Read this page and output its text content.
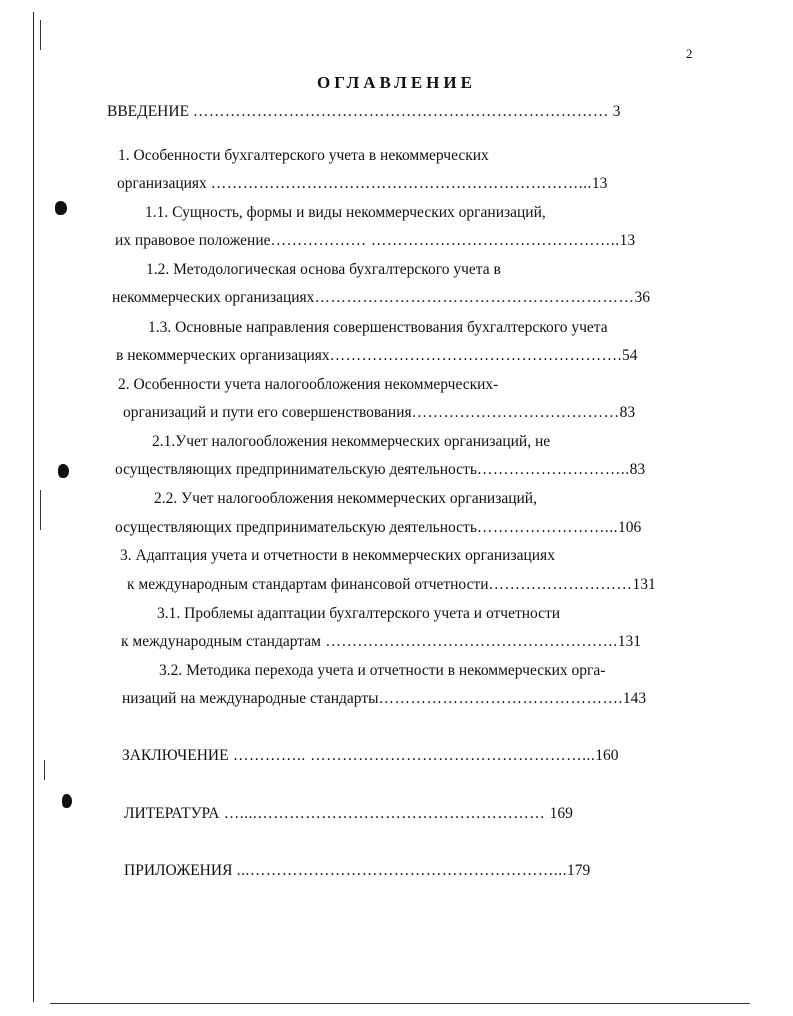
2
ОГЛАВЛЕНИЕ
ВВЕДЕНИЕ …………………………………………………………………… 3
1. Особенности бухгалтерского учета в некоммерческих
организациях ……………………………………………………………...13
1.1. Сущность, формы и виды некоммерческих организаций,
их правовое положение……………… ………………………………………..13
1.2. Методологическая основа бухгалтерского учета в
некоммерческих организациях……………………………………………………36
1.3. Основные направления совершенствования бухгалтерского учета
в некоммерческих организациях……………………………………………….54
2. Особенности учета налогообложения некоммерческих-
организаций и пути его совершенствования…………………………………83
2.1.Учет налогообложения некоммерческих организаций, не
осуществляющих предпринимательскую деятельность………………………..83
2.2. Учет налогообложения некоммерческих организаций,
осуществляющих предпринимательскую деятельность……………………...106
3. Адаптация учета и отчетности в некоммерческих организациях
к международным стандартам финансовой отчетности………………………131
3.1. Проблемы адаптации бухгалтерского учета и отчетности
к международным стандартам ……………………………………………….131
3.2. Методика перехода учета и отчетности в некоммерческих орга-
низаций на международные стандарты……………………………………….143
ЗАКЛЮЧЕНИЕ ………….. ……………………………………………...160
ЛИТЕРАТУРА …....……………………………………………… 169
ПРИЛОЖЕНИЯ ...…………………………………………………...179
